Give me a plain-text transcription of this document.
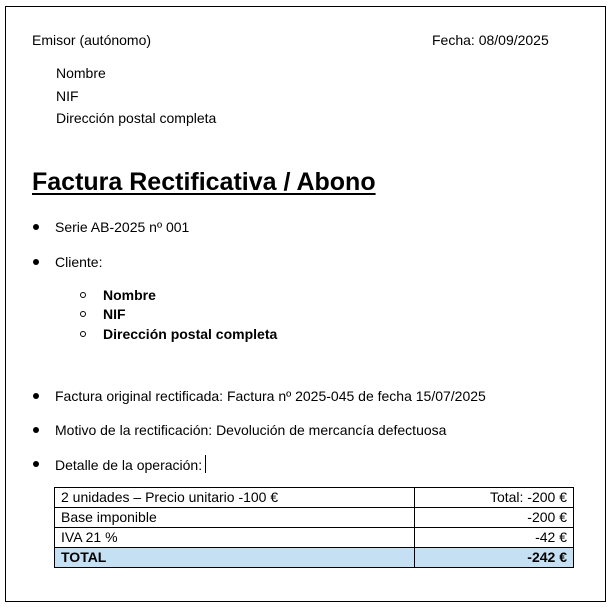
Emisor (autónomo)	Fecha: 08/09/2025
Nombre
NIF
Dirección postal completa
Factura Rectificativa / Abono
Serie AB-2025 nº 001
Cliente:
Nombre
NIF
Dirección postal completa
Factura original rectificada: Factura nº 2025-045 de fecha 15/07/2025
Motivo de la rectificación: Devolución de mercancía defectuosa
Detalle de la operación:
2 unidades – Precio unitario -100 €	Total: -200 €
Base imponible	-200 €
IVA 21 %	-42 €
TOTAL	-242 €
